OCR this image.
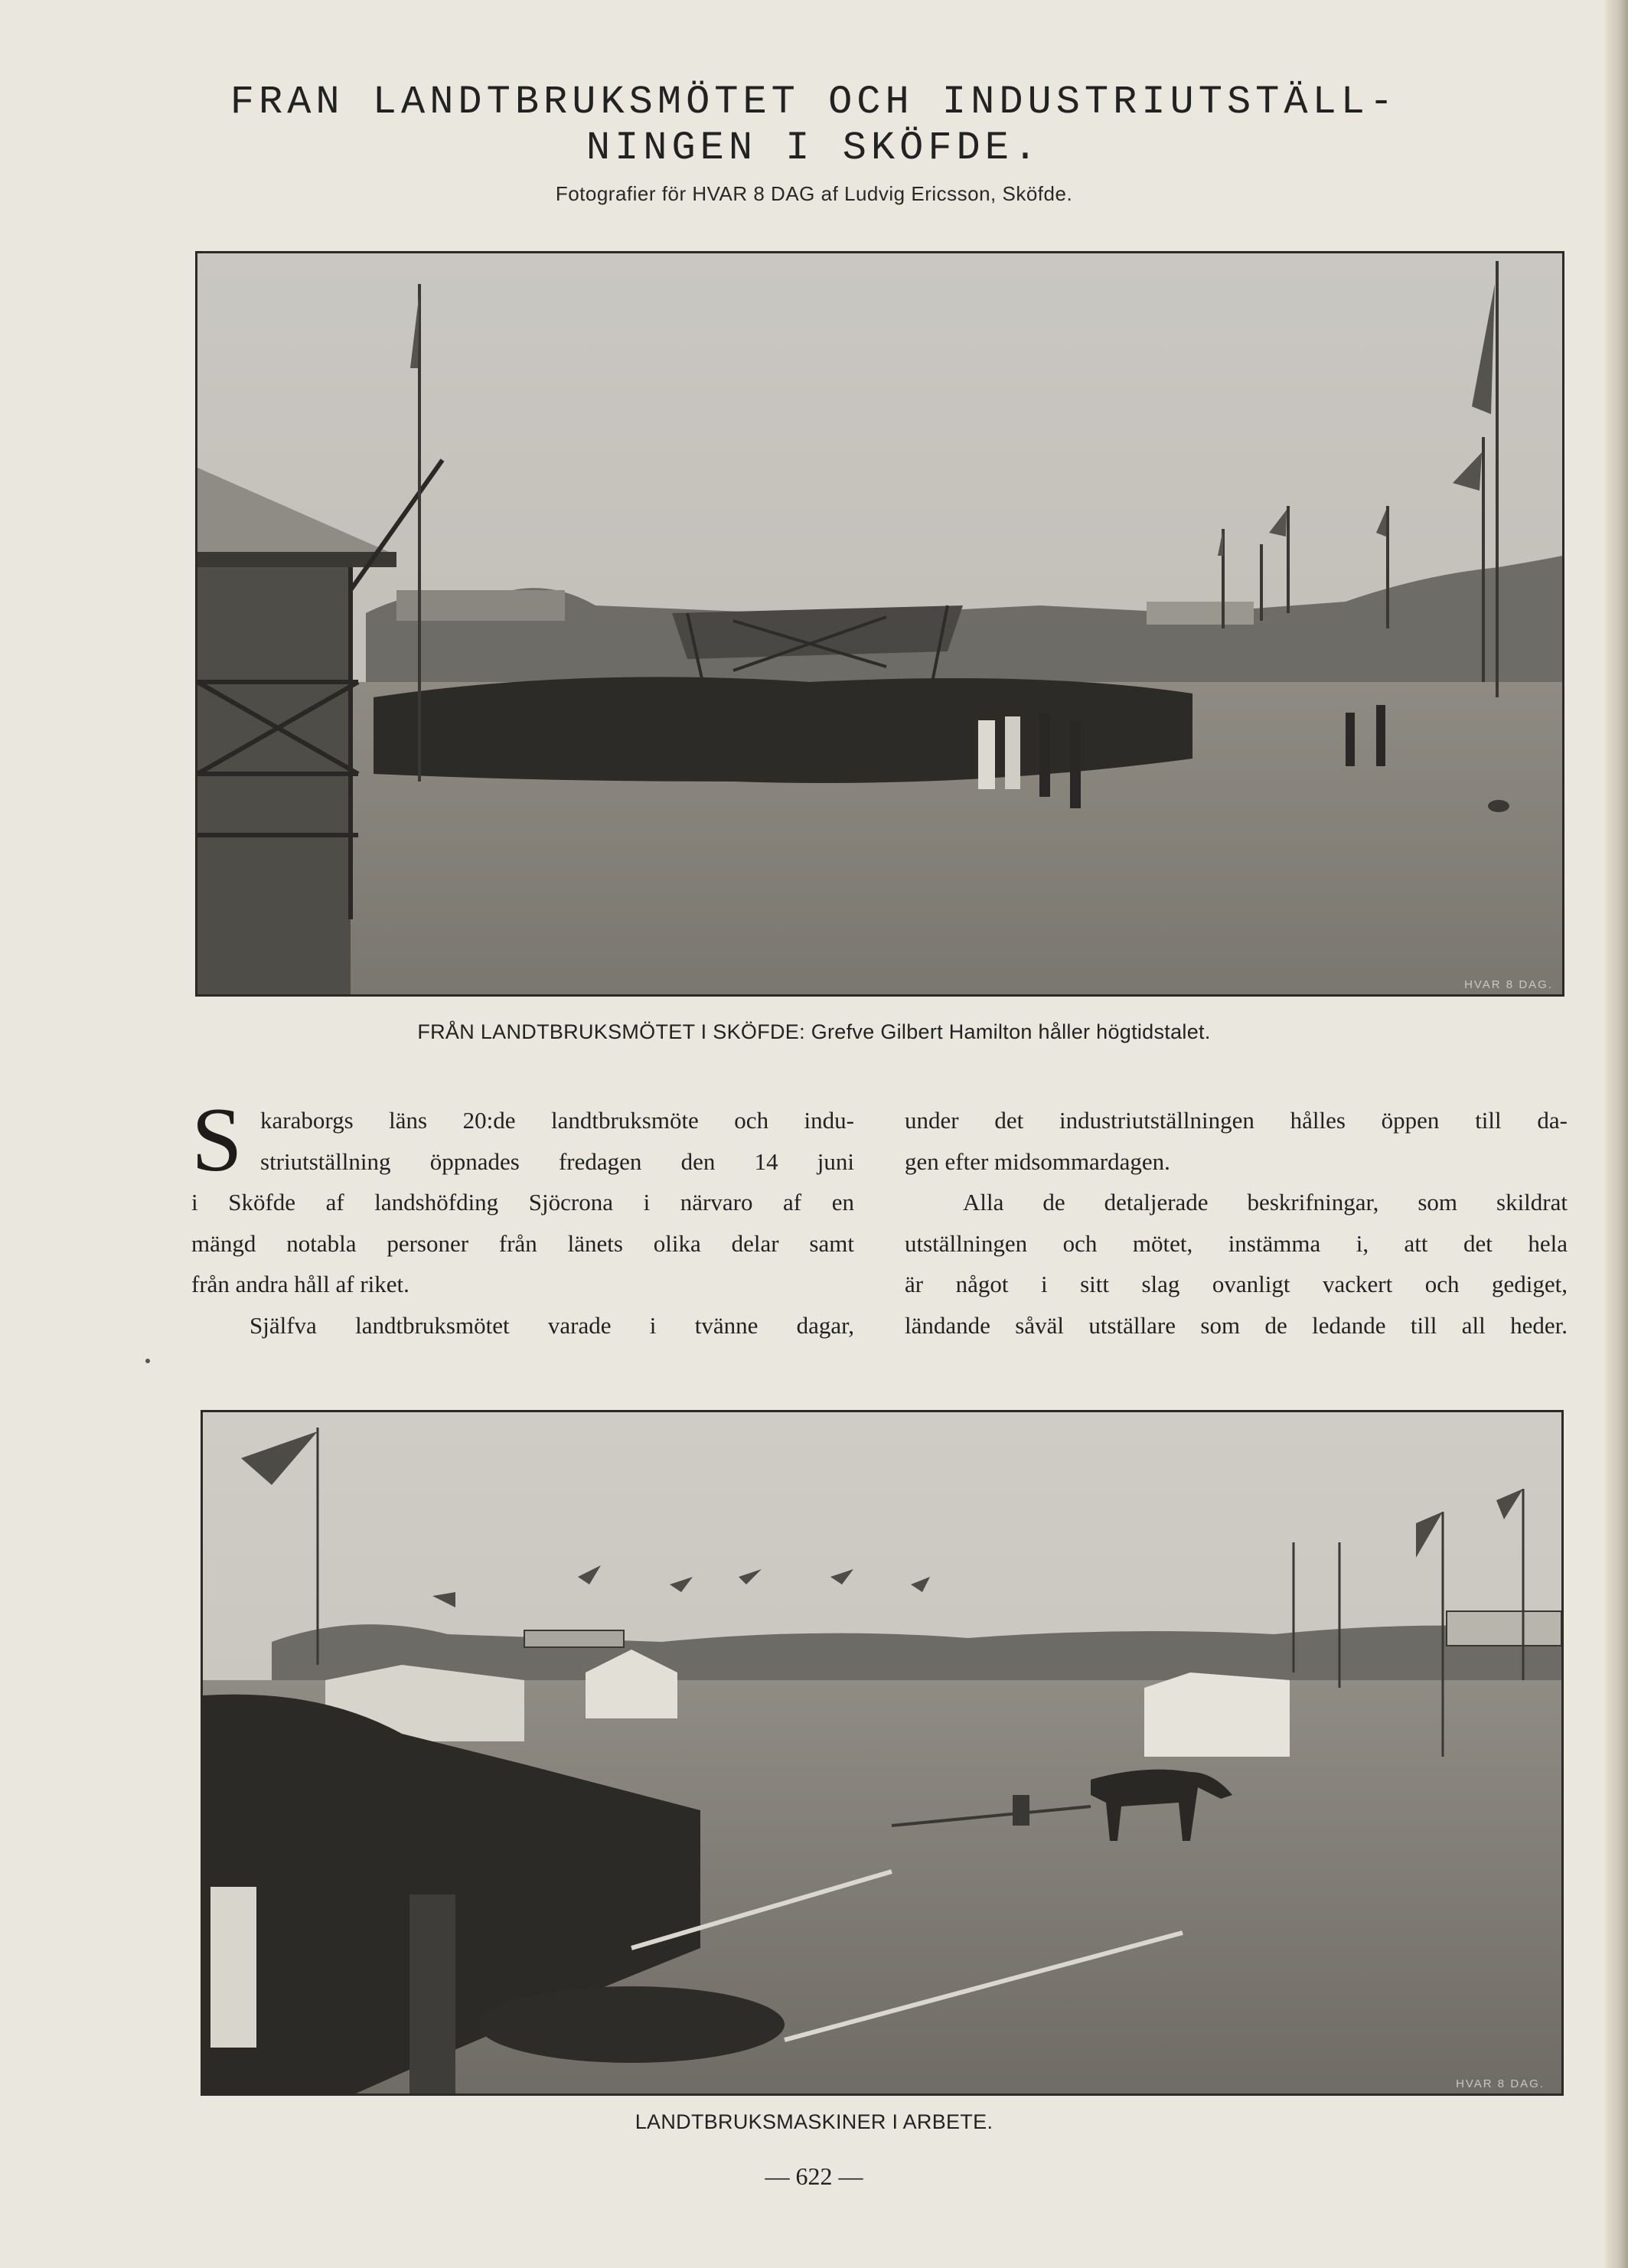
FRAN LANDTBRUKSMÖTET OCH INDUSTRIUTSTÄLL-
NINGEN I SKÖFDE.
Fotografier för HVAR 8 DAG af Ludvig Ericsson, Sköfde.
HVAR 8 DAG.
FRÅN LANDTBRUKSMÖTET I SKÖFDE: Grefve Gilbert Hamilton håller högtidstalet.
S karaborgs läns 20:de landtbruksmöte och indu-
striutställning öppnades fredagen den 14 juni
i Sköfde af landshöfding Sjöcrona i närvaro af en
mängd notabla personer från länets olika delar samt
från andra håll af riket.
Själfva landtbruksmötet varade i tvänne dagar,
under det industriutställningen hålles öppen till da-
gen efter midsommardagen.
Alla de detaljerade beskrifningar, som skildrat
utställningen och mötet, instämma i, att det hela
är något i sitt slag ovanligt vackert och gediget,
ländande såväl utställare som de ledande till all heder.
HVAR 8 DAG.
LANDTBRUKSMASKINER I ARBETE.
— 622 —
